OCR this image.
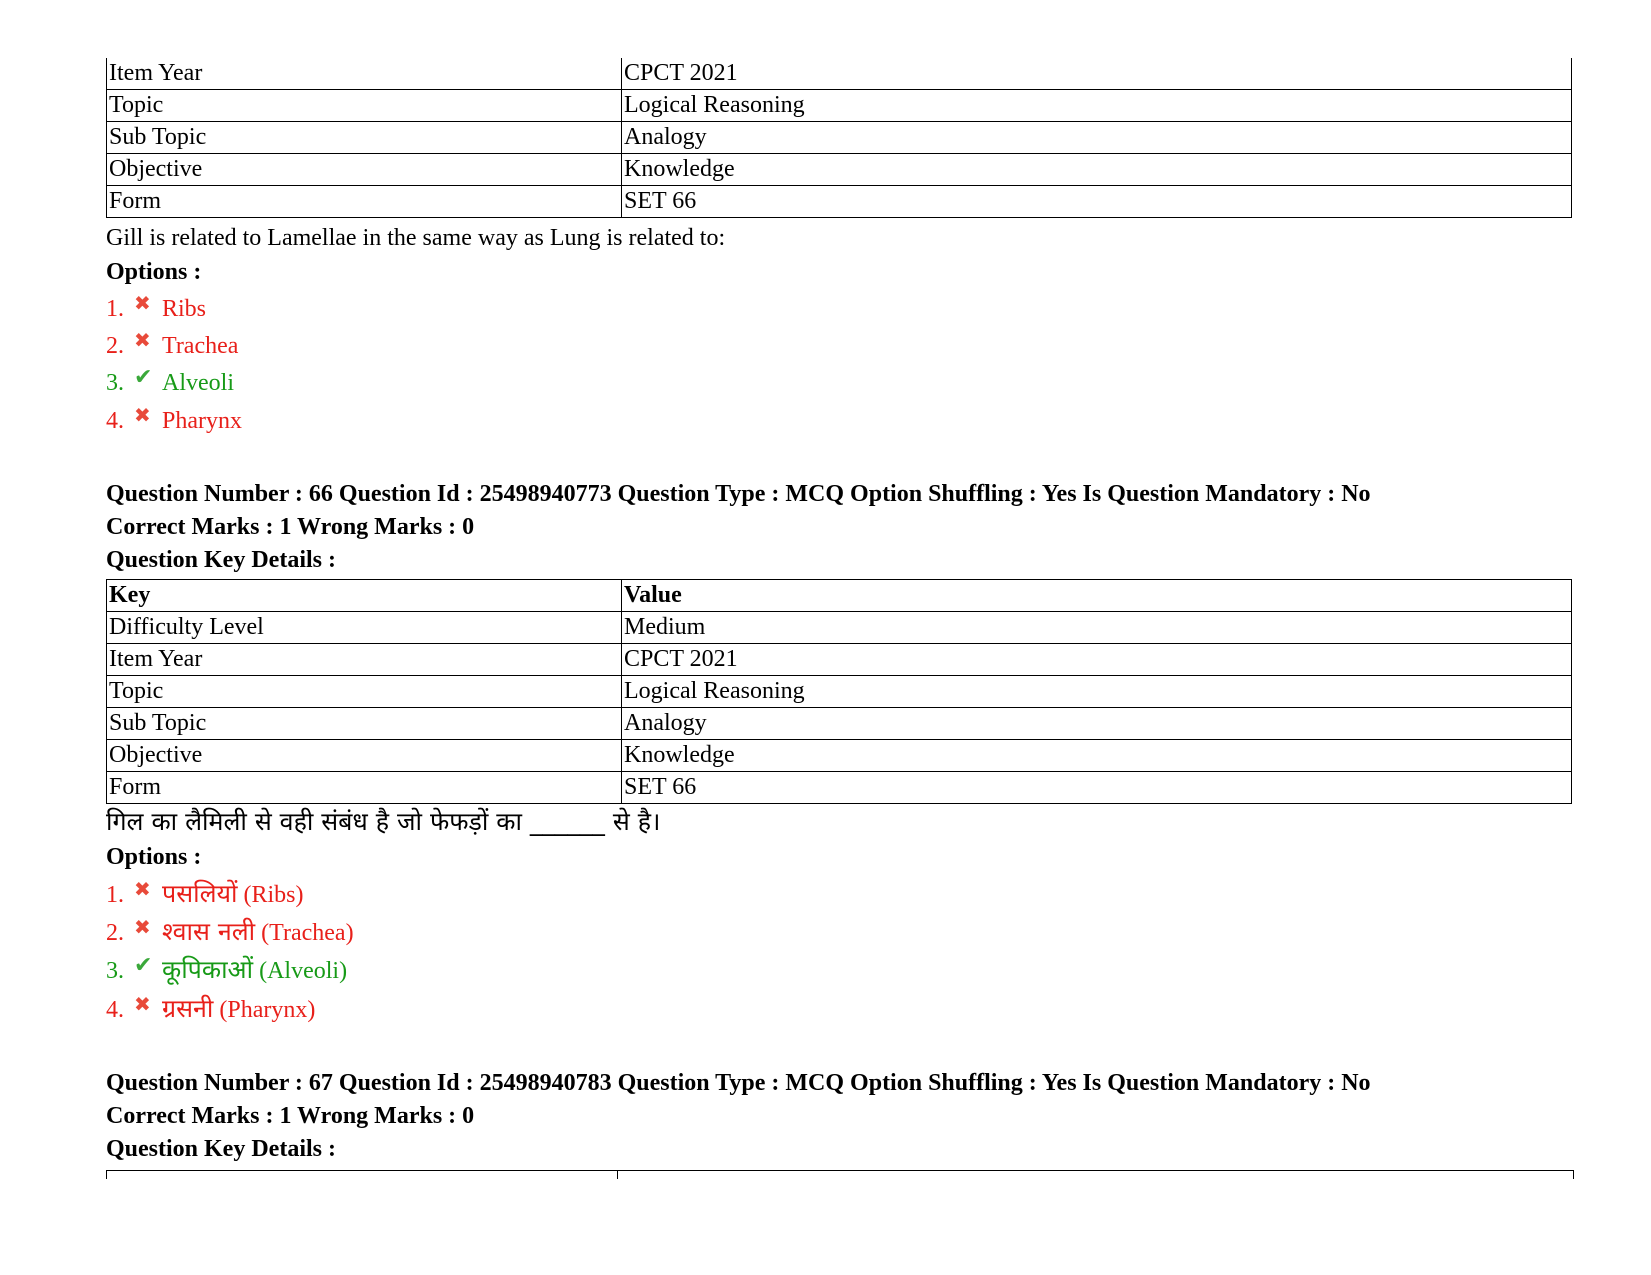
Item Year	CPCT 2021
Topic	Logical Reasoning
Sub Topic	Analogy
Objective	Knowledge
Form	SET 66
Gill is related to Lamellae in the same way as Lung is related to:
Options :
1. ✖ Ribs
2. ✖ Trachea
3. ✔ Alveoli
4. ✖ Pharynx
Question Number : 66 Question Id : 25498940773 Question Type : MCQ Option Shuffling : Yes Is Question Mandatory : No
Correct Marks : 1 Wrong Marks : 0
Question Key Details :
Key	Value
Difficulty Level	Medium
Item Year	CPCT 2021
Topic	Logical Reasoning
Sub Topic	Analogy
Objective	Knowledge
Form	SET 66
गिल का लैमिली से वही संबंध है जो फेफड़ों का ______ से है।
Options :
1. ✖ पसलियों
(Ribs)
2. ✖ श्वास नली
(Trachea)
3. ✔ कूपिकाओं
(Alveoli)
4. ✖ ग्रसनी
(Pharynx)
Question Number : 67 Question Id : 25498940783 Question Type : MCQ Option Shuffling : Yes Is Question Mandatory : No
Correct Marks : 1 Wrong Marks : 0
Question Key Details :
